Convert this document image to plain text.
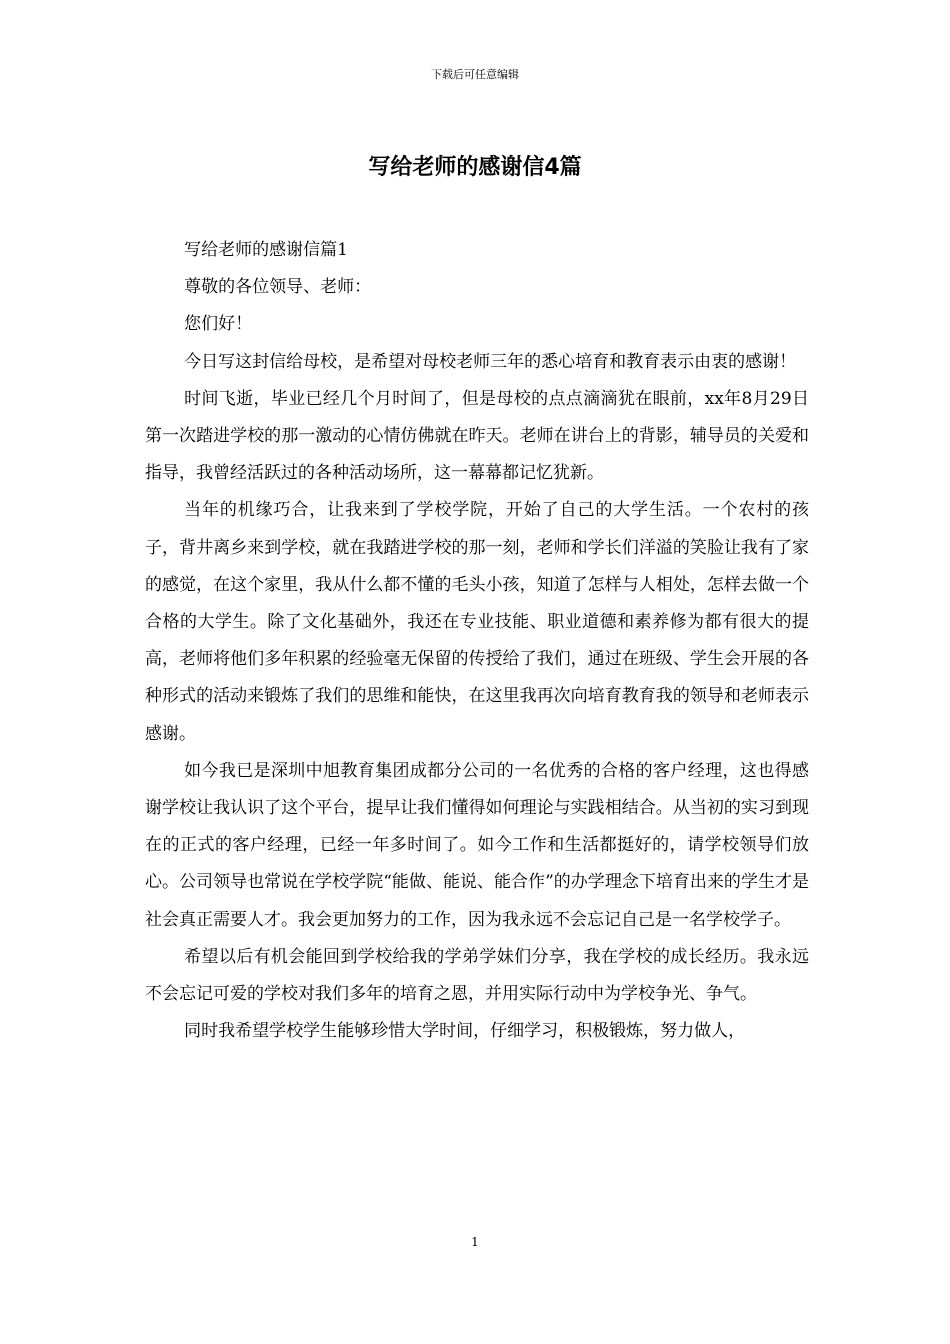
下载后可任意编辑
写给老师的感谢信4篇

写给老师的感谢信篇1

尊敬的各位领导、老师：

您们好！

今日写这封信给母校，是希望对母校老师三年的悉心培育和教育表示由衷的感谢！

时间飞逝，毕业已经几个月时间了，但是母校的点点滴滴犹在眼前，xx年8月29日第一次踏进学校的那一激动的心情仿佛就在昨天。老师在讲台上的背影，辅导员的关爱和指导，我曾经活跃过的各种活动场所，这一幕幕都记忆犹新。

当年的机缘巧合，让我来到了学校学院，开始了自己的大学生活。一个农村的孩子，背井离乡来到学校，就在我踏进学校的那一刻，老师和学长们洋溢的笑脸让我有了家的感觉，在这个家里，我从什么都不懂的毛头小孩，知道了怎样与人相处，怎样去做一个合格的大学生。除了文化基础外，我还在专业技能、职业道德和素养修为都有很大的提高，老师将他们多年积累的经验毫无保留的传授给了我们，通过在班级、学生会开展的各种形式的活动来锻炼了我们的思维和能快，在这里我再次向培育教育我的领导和老师表示感谢。

如今我已是深圳中旭教育集团成都分公司的一名优秀的合格的客户经理，这也得感谢学校让我认识了这个平台，提早让我们懂得如何理论与实践相结合。从当初的实习到现在的正式的客户经理，已经一年多时间了。如今工作和生活都挺好的，请学校领导们放心。公司领导也常说在学校学院“能做、能说、能合作”的办学理念下培育出来的学生才是社会真正需要人才。我会更加努力的工作，因为我永远不会忘记自己是一名学校学子。

希望以后有机会能回到学校给我的学弟学妹们分享，我在学校的成长经历。我永远不会忘记可爱的学校对我们多年的培育之恩，并用实际行动中为学校争光、争气。

同时我希望学校学生能够珍惜大学时间，仔细学习，积极锻炼，努力做人，

1
